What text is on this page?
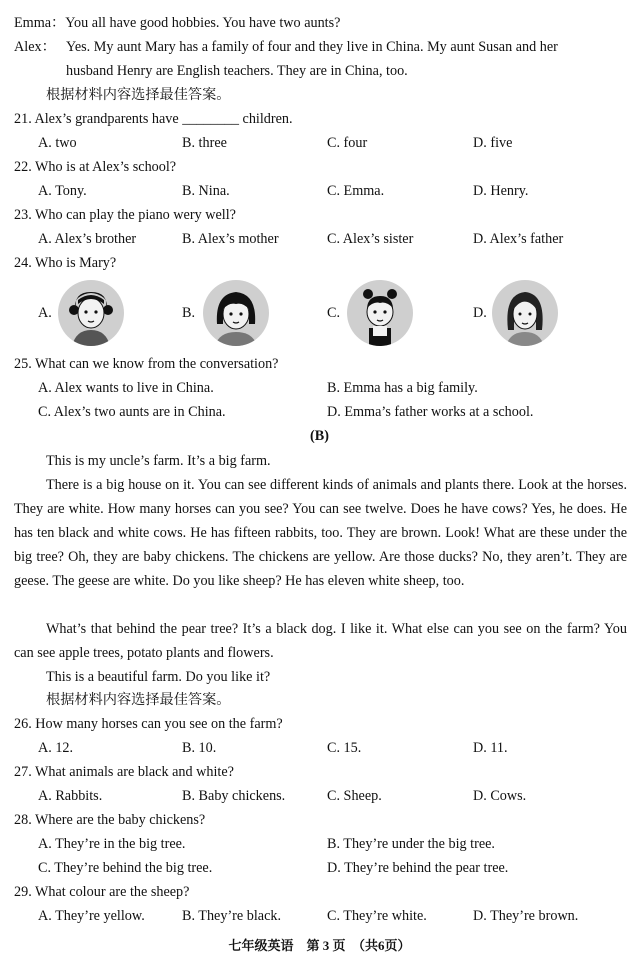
Emma：You all have good hobbies. You have two aunts?
Alex： Yes. My aunt Mary has a family of four and they live in China. My aunt Susan and her
husband Henry are English teachers. They are in China, too.
根据材料内容选择最佳答案。
21. Alex’s grandparents have ________ children.
A. two	B. three	C. four	D. five
22. Who is at Alex’s school?
A. Tony.	B. Nina.	C. Emma.	D. Henry.
23. Who can play the piano wery well?
A. Alex’s brother	B. Alex’s mother	C. Alex’s sister	D. Alex’s father
24. Who is Mary?
A.	B.	C.	D.
25. What can we know from the conversation?
A. Alex wants to live in China.	B. Emma has a big family.
C. Alex’s two aunts are in China.	D. Emma’s father works at a school.
(B)
This is my uncle’s farm. It’s a big farm.

There is a big house on it. You can see different kinds of animals and plants there. Look at the horses. They are white. How many horses can you see? You can see twelve. Does he have cows? Yes, he does. He has ten black and white cows. He has fifteen rabbits, too. They are brown. Look! What are these under the big tree? Oh, they are baby chickens. The chickens are yellow. Are those ducks? No, they aren’t. They are geese. The geese are white. Do you like sheep? He has eleven white sheep, too.

What’s that behind the pear tree? It’s a black dog. I like it. What else can you see on the farm? You can see apple trees, potato plants and flowers.

This is a beautiful farm. Do you like it?
根据材料内容选择最佳答案。
26. How many horses can you see on the farm?
A. 12.	B. 10.	C. 15.	D. 11.
27. What animals are black and white?
A. Rabbits.	B. Baby chickens.	C. Sheep.	D. Cows.
28. Where are the baby chickens?
A. They’re in the big tree.	B. They’re under the big tree.
C. They’re behind the big tree.	D. They’re behind the pear tree.
29. What colour are the sheep?
A. They’re yellow.	B. They’re black.	C. They’re white.	D. They’re brown.
七年级英语　第 3 页　（共6页）
